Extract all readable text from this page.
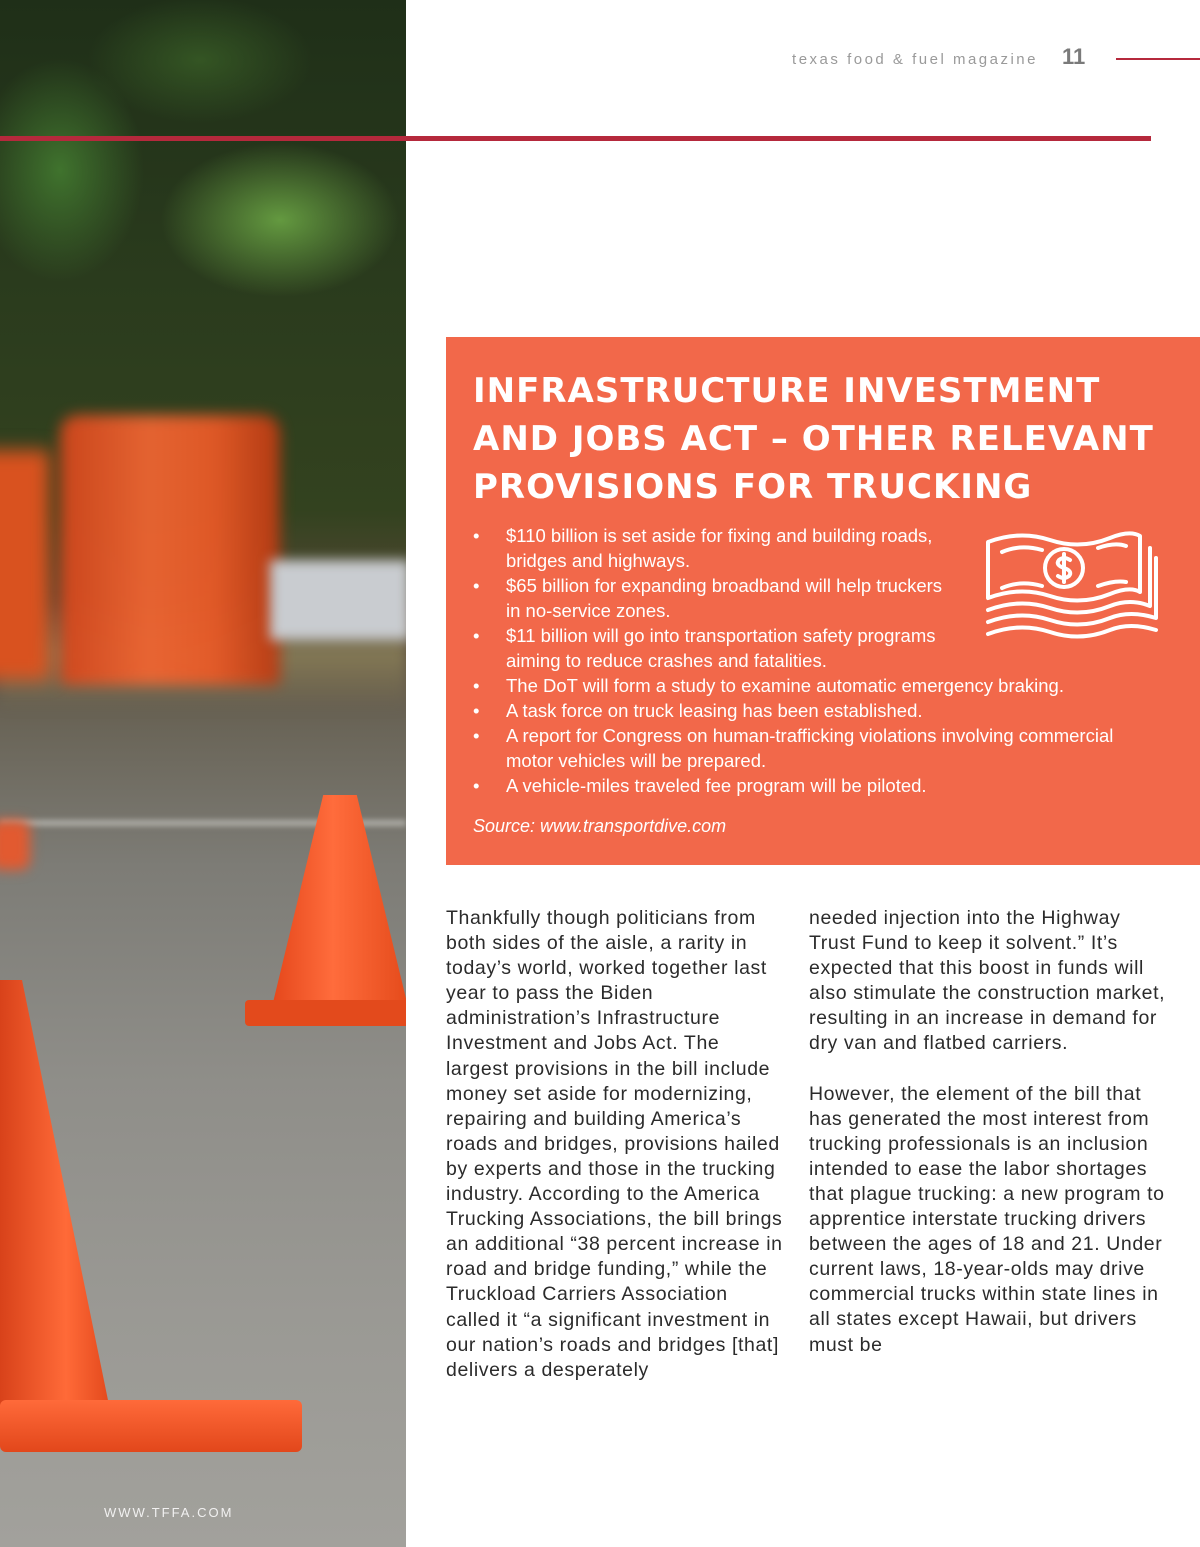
WWW.TFFA.COM
texas food & fuel magazine 11
INFRASTRUCTURE INVESTMENT AND JOBS ACT – OTHER RELEVANT PROVISIONS FOR TRUCKING
• $110 billion is set aside for fixing and building roads, bridges and highways.
• $65 billion for expanding broadband will help truckers in no-service zones.
• $11 billion will go into transportation safety programs aiming to reduce crashes and fatalities.
• The DoT will form a study to examine automatic emergency braking.
• A task force on truck leasing has been established.
• A report for Congress on human-trafficking violations involving commercial motor vehicles will be prepared.
• A vehicle-miles traveled fee program will be piloted.
Source: www.transportdive.com

Thankfully though politicians from both sides of the aisle, a rarity in today’s world, worked together last year to pass the Biden administration’s Infrastructure Investment and Jobs Act. The largest provisions in the bill include money set aside for modernizing, repairing and building America’s roads and bridges, provisions hailed by experts and those in the trucking industry. According to the America Trucking Associations, the bill brings an additional “38 percent increase in road and bridge funding,” while the Truckload Carriers Association called it “a significant investment in our nation’s roads and bridges [that] delivers a desperately

needed injection into the Highway Trust Fund to keep it solvent.” It’s expected that this boost in funds will also stimulate the construction market, resulting in an increase in demand for dry van and flatbed carriers.

However, the element of the bill that has generated the most interest from trucking professionals is an inclusion intended to ease the labor shortages that plague trucking: a new program to apprentice interstate trucking drivers between the ages of 18 and 21. Under current laws, 18-year-olds may drive commercial trucks within state lines in all states except Hawaii, but drivers must be
